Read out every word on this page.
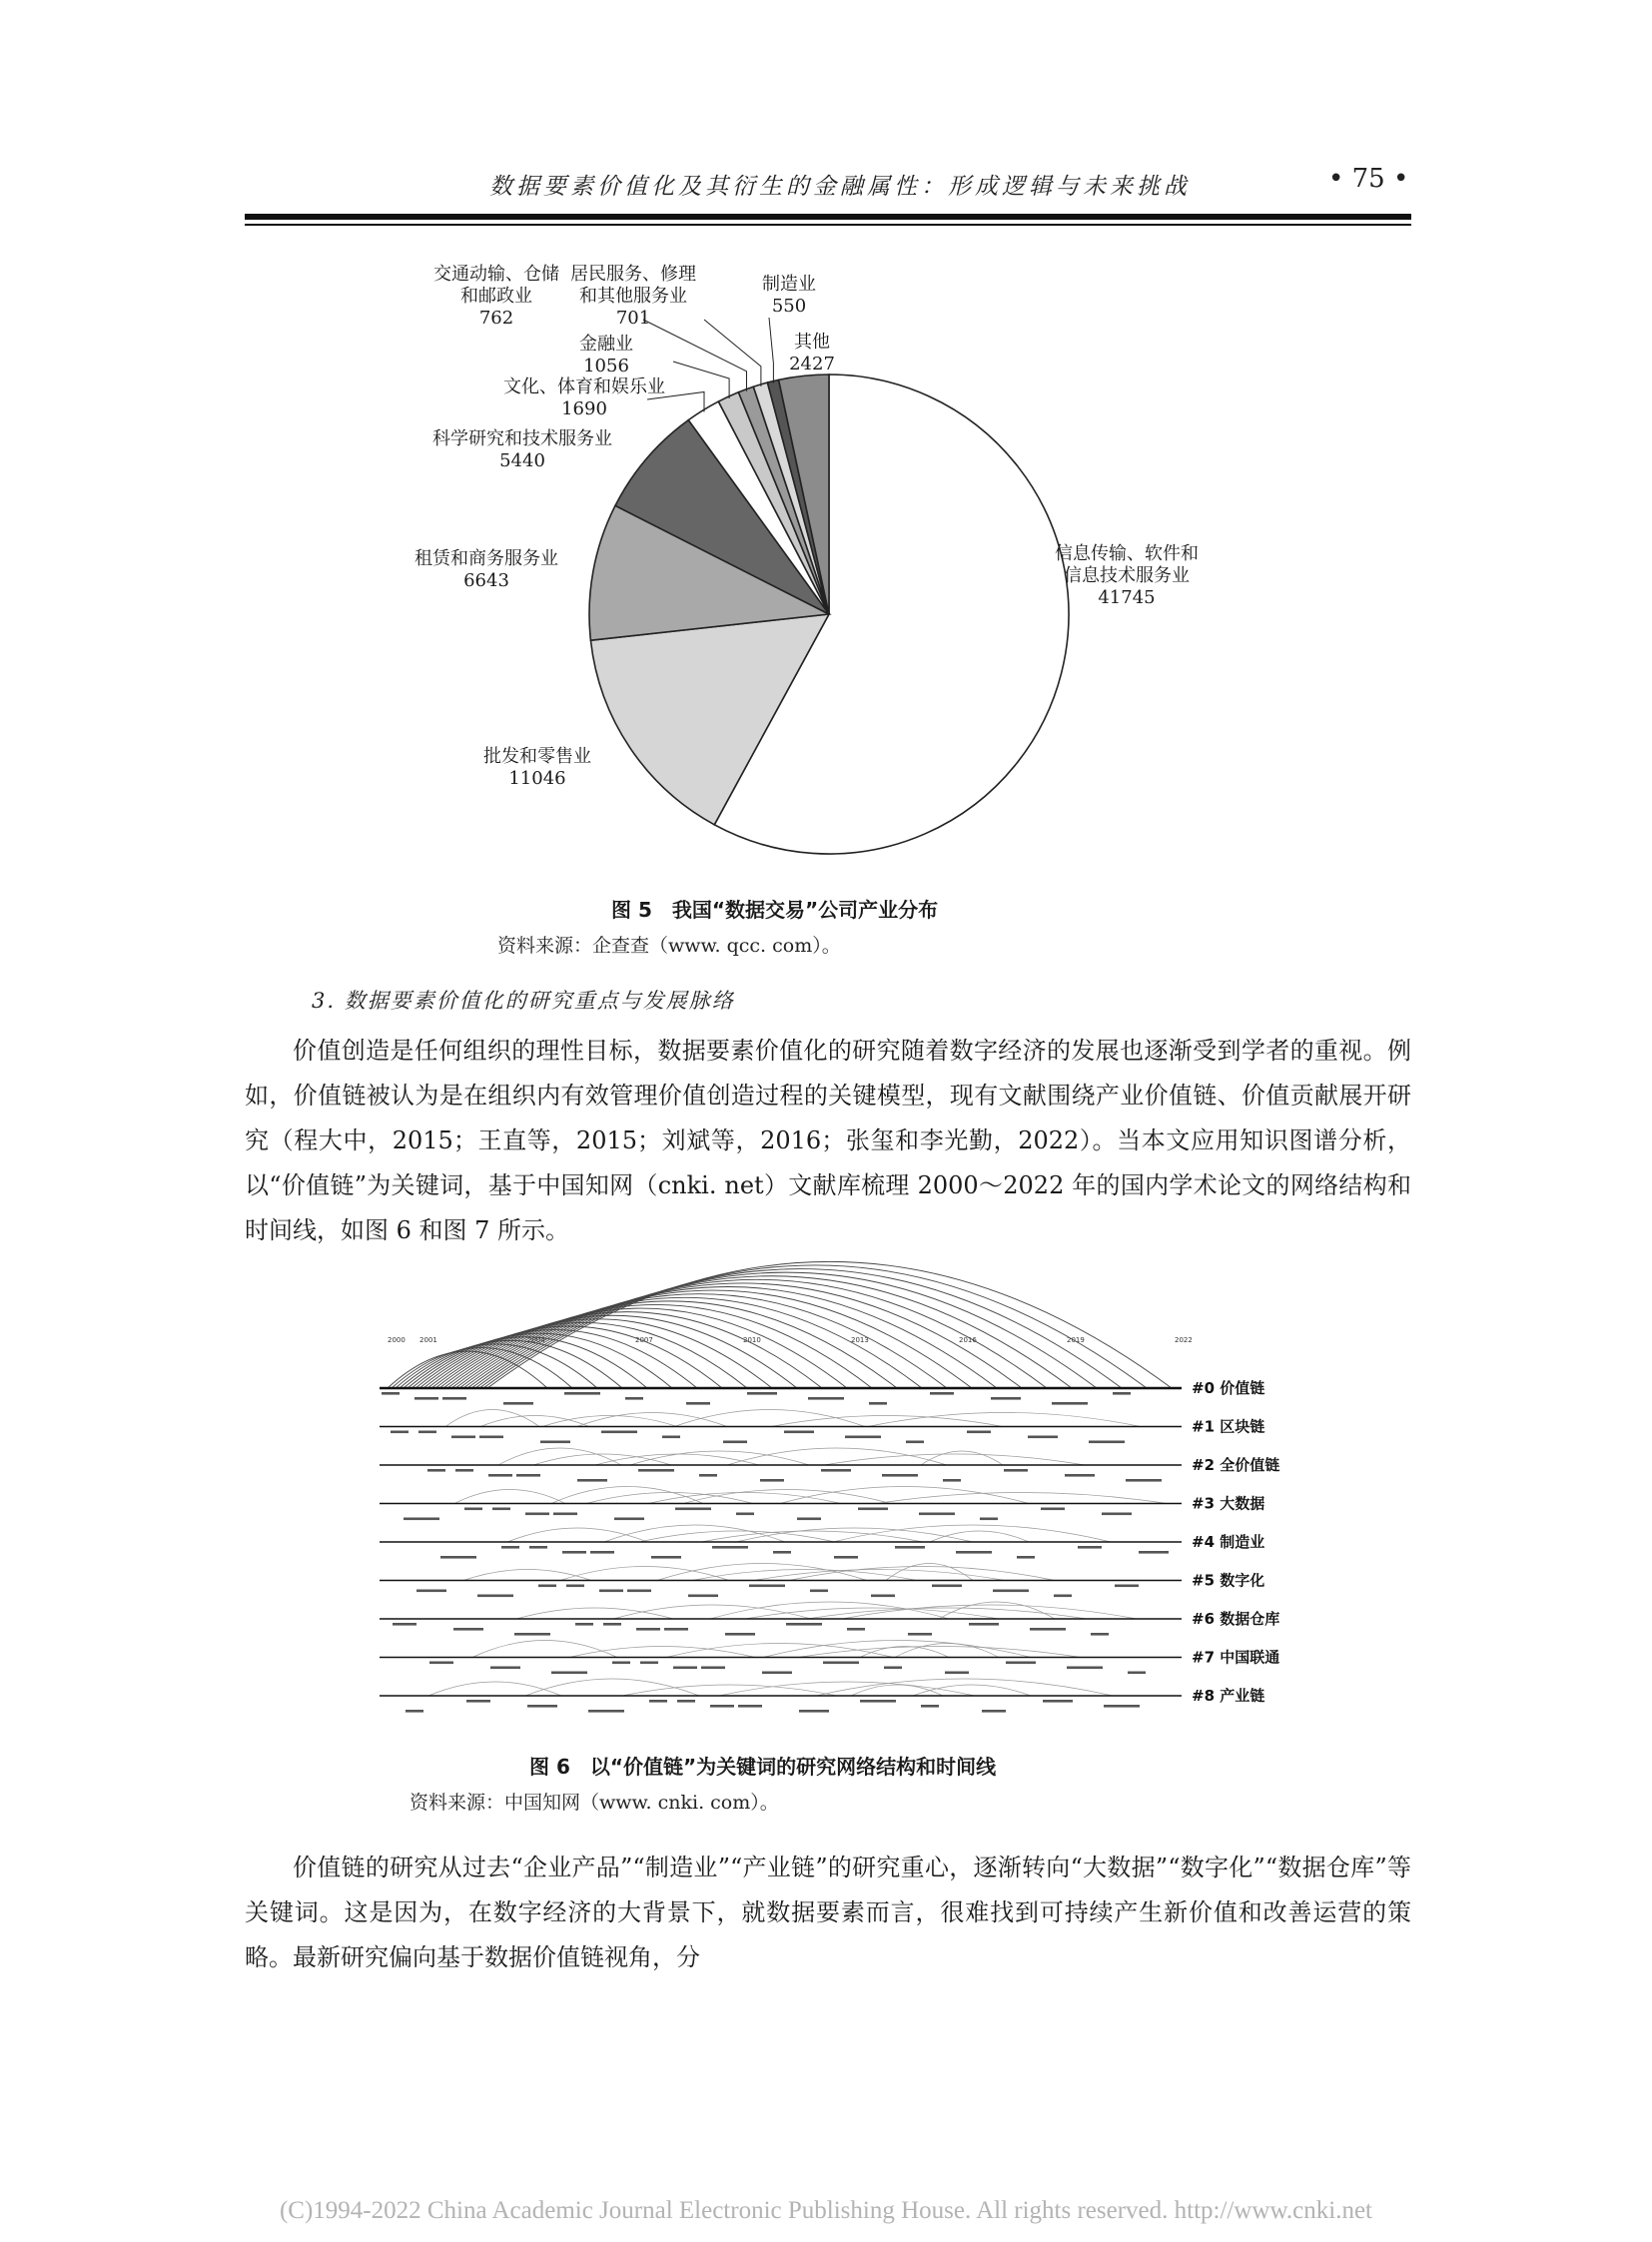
数据要素价值化及其衍生的金融属性：形成逻辑与未来挑战	• 75 •
信息传输、软件和
信息技术服务业
41745
批发和零售业
11046
租赁和商务服务业
6643
科学研究和技术服务业
5440
文化、体育和娱乐业
1690
金融业
1056
交通动输、仓储
和邮政业
762
居民服务、修理
和其他服务业
701
制造业
550
其他
2427
图 5　我国“数据交易”公司产业分布
资料来源：企查查（www. qcc. com）。
3. 数据要素价值化的研究重点与发展脉络

价值创造是任何组织的理性目标，数据要素价值化的研究随着数字经济的发展也逐渐受到学者的重视。例如，价值链被认为是在组织内有效管理价值创造过程的关键模型，现有文献围绕产业价值链、价值贡献展开研究（程大中，2015；王直等，2015；刘斌等，2016；张玺和李光勤，2022）。当本文应用知识图谱分析，以“价值链”为关键词，基于中国知网（cnki. net）文献库梳理 2000～2022 年的国内学术论文的网络结构和时间线，如图 6 和图 7 所示。

2000 2001	2004	2007	2010	2013	2016	2019	2022
#0 价值链
#1 区块链
#2 全价值链
#3 大数据
#4 制造业
#5 数字化
#6 数据仓库
#7 中国联通
#8 产业链
图 6　以“价值链”为关键词的研究网络结构和时间线
资料来源：中国知网（www. cnki. com）。

价值链的研究从过去“企业产品”“制造业”“产业链”的研究重心，逐渐转向“大数据”“数字化”“数据仓库”等关键词。这是因为，在数字经济的大背景下，就数据要素而言，很难找到可持续产生新价值和改善运营的策略。最新研究偏向基于数据价值链视角，分

(C)1994-2022 China Academic Journal Electronic Publishing House. All rights reserved. http://www.cnki.net
